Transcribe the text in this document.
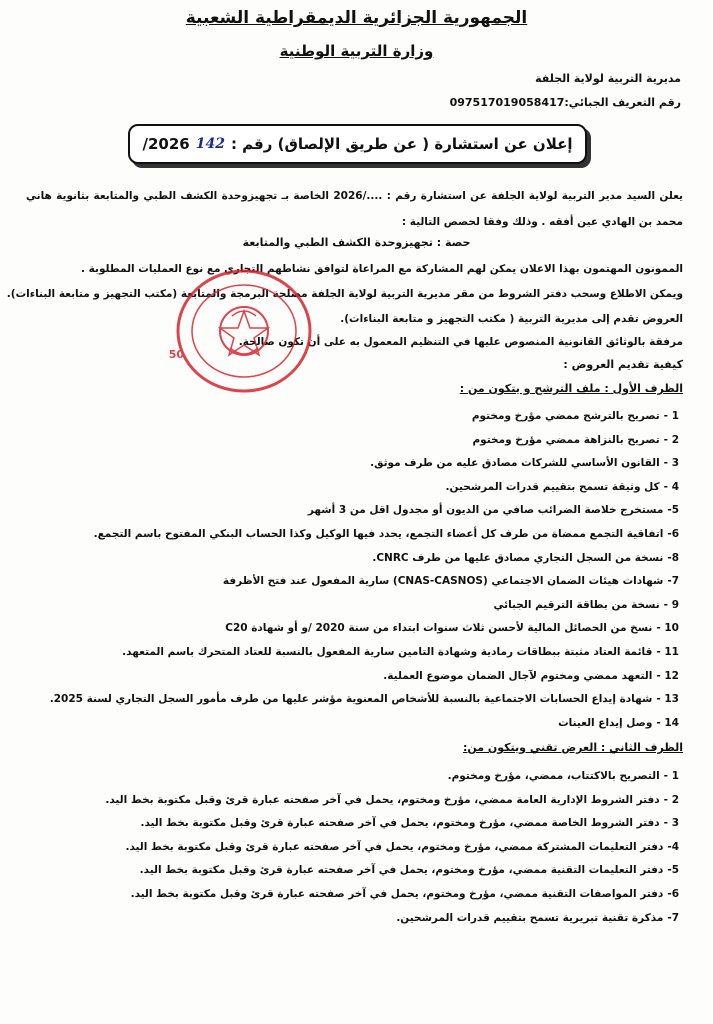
الجمهورية الجزائرية الديمقراطية الشعبية
وزارة التربية الوطنية
مديرية التربية لولاية الجلفة
رقم التعريف الجبائي:097517019058417
إعلان عن استشارة ( عن طريق الإلصاق) رقم :
142
2026/
يعلن السيد مدير التربية لولاية الجلفة عن استشارة رقم : ..../2026 الخاصة بـ تجهيزوحدة الكشف الطبي والمتابعة بثانوية هاني محمد بن الهادي عين أفقه . وذلك وفقا لحصص التالية :
حصة : تجهيزوحدة الكشف الطبي والمتابعة
الممونون المهتمون بهذا الاعلان يمكن لهم المشاركة مع المراعاة لتوافق نشاطهم التجاري مع نوع العمليات المطلوبة .
ويمكن الاطلاع وسحب دفتر الشروط من مقر مديرية التربية لولاية الجلفة مصلحة البرمجة والمتابعة (مكتب التجهيز و متابعة البناءات).
العروض تقدم إلى مديرية التربية ( مكتب التجهيز و متابعة البناءات).
مرفقة بالوثائق القانونية المنصوص عليها في التنظيم المعمول به على أن تكون صالحة.
كيفية تقديم العروض :
الظرف الأول : ملف الترشح و يتكون من :
1 -
تصريح بالترشح ممضي مؤرخ ومختوم
2 -
تصريح بالنزاهة ممضي مؤرخ ومختوم
3 -
القانون الأساسي للشركات مصادق عليه من طرف موثق.
4 -
كل وثيقة تسمح بتقييم قدرات المرشحين.
5-
مستخرج خلاصة الضرائب صافي من الديون أو مجدول اقل من 3 أشهر
6-
اتفاقية التجمع ممضاة من طرف كل أعضاء التجمع، يحدد فيها الوكيل وكذا الحساب البنكي المفتوح باسم التجمع.
8-
نسخة من السجل التجاري مصادق عليها من طرف CNRC.
7-
شهادات هيئات الضمان الاجتماعي (CNAS-CASNOS) سارية المفعول عند فتح الأظرفة
9 -
نسخة من بطاقة الترقيم الجبائي
10 -
نسخ من الحصائل المالية لأحسن ثلاث سنوات ابتداء من سنة 2020 /و أو شهادة C20
11 -
قائمة العتاد مثبتة ببطاقات رمادية وشهادة التامين سارية المفعول بالنسبة للعتاد المتحرك باسم المتعهد.
12 -
التعهد ممضي ومختوم لآجال الضمان موضوع العملية.
13 -
شهادة إيداع الحسابات الاجتماعية بالنسبة للأشخاص المعنوية مؤشر عليها من طرف مأمور السجل التجاري لسنة 2025.
14 -
وصل إيداع العينات
الظرف الثاني : العرض تقني ويتكون من:
1 -
التصريح بالاكتتاب، ممضي، مؤرخ ومختوم.
2 -
دفتر الشروط الإدارية العامة ممضي، مؤرخ ومختوم، يحمل في آخر صفحته عبارة قرئ وقبل مكتوبة بخط اليد.
3 -
دفتر الشروط الخاصة ممضي، مؤرخ ومختوم، يحمل في آخر صفحته عبارة قرئ وقبل مكتوبة بخط اليد.
4-
دفتر التعليمات المشتركة ممضي، مؤرخ ومختوم، يحمل في آخر صفحته عبارة قرئ وقبل مكتوبة بخط اليد.
5-
دفتر التعليمات التقنية ممضي، مؤرخ ومختوم، يحمل في آخر صفحته عبارة قرئ وقبل مكتوبة بخط اليد.
6-
دفتر المواصفات التقنية ممضي، مؤرخ ومختوم، يحمل في آخر صفحته عبارة قرئ وقبل مكتوبة بخط اليد.
7-
مذكرة تقنية تبريرية تسمح بتقييم قدرات المرشحين.
50
